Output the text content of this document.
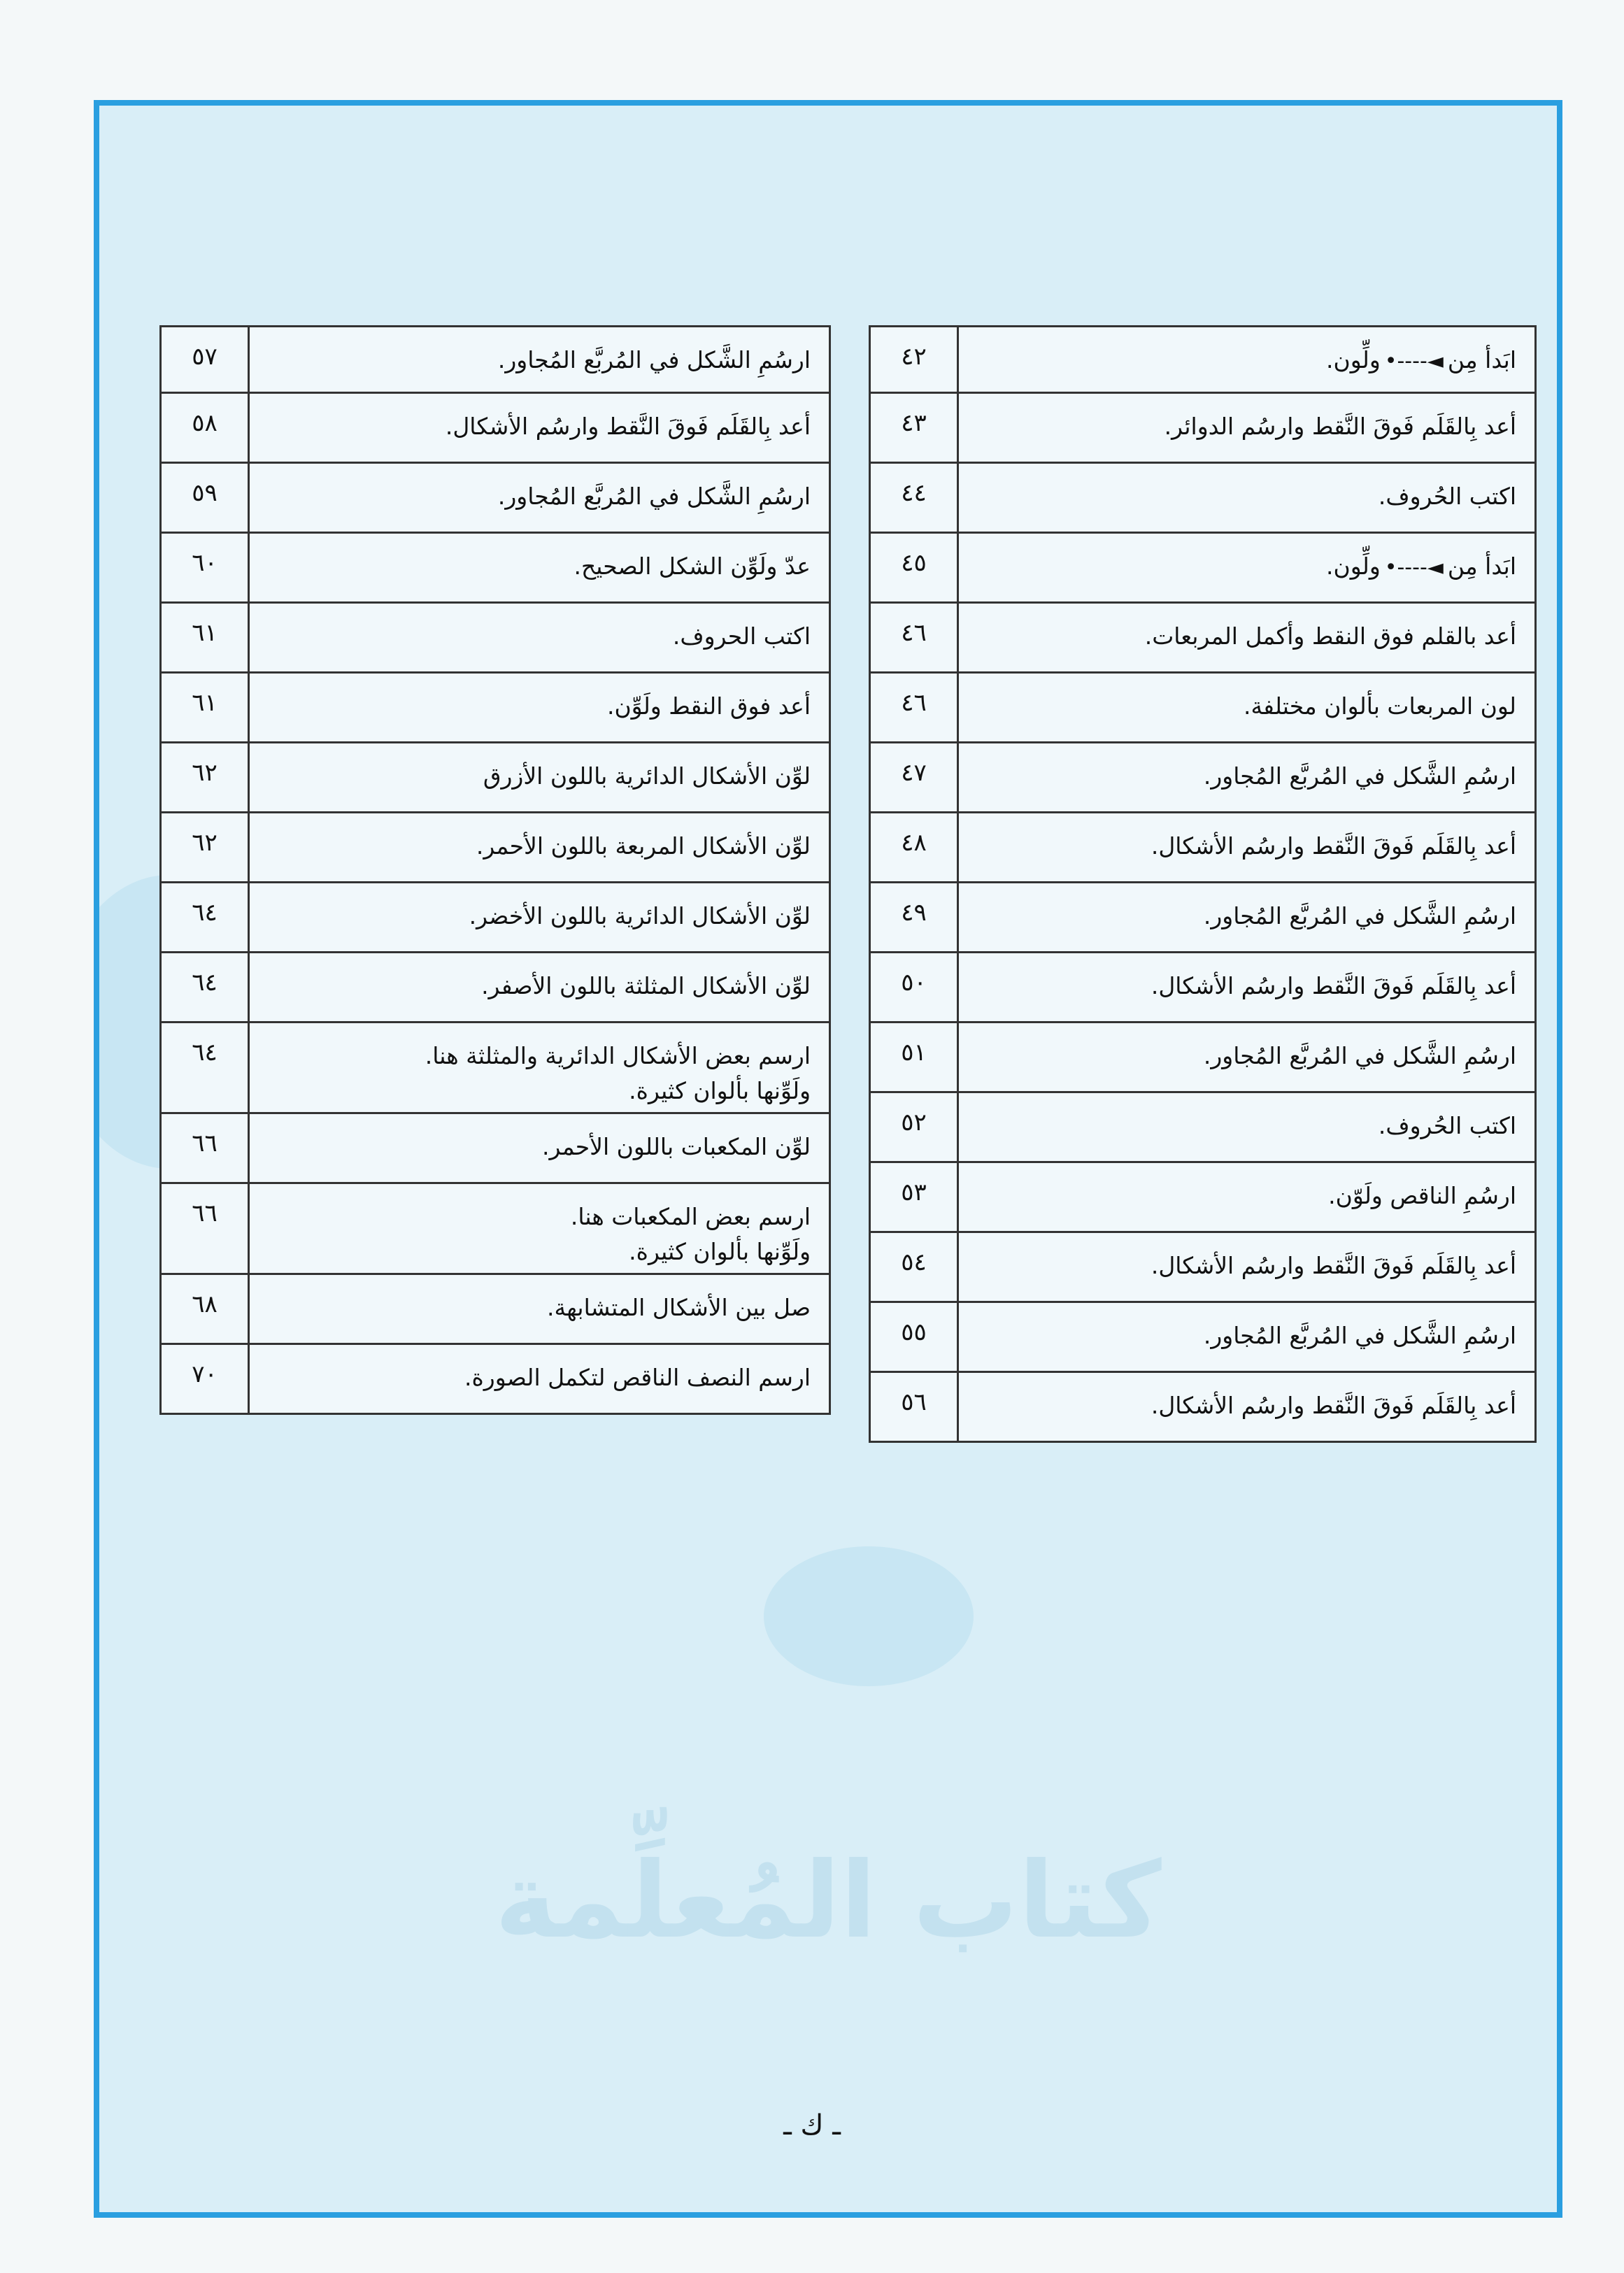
كتاب المُعلِّمة
ابَدأ مِن◄----•ولِّون.	٤٢
أعد بِالقَلَم فَوقَ النَّقط وارسُم الدوائر.	٤٣
اكتب الحُروف.	٤٤
ابَدأ مِن◄----•ولِّون.	٤٥
أعد بالقلم فوق النقط وأكمل المربعات.	٤٦
لون المربعات بألوان مختلفة.	٤٦
ارسُمِ الشَّكل في المُربَّع المُجاور.	٤٧
أعد بِالقَلَم فَوقَ النَّقط وارسُم الأشكال.	٤٨
ارسُمِ الشَّكل في المُربَّع المُجاور.	٤٩
أعد بِالقَلَم فَوقَ النَّقط وارسُم الأشكال.	٥٠
ارسُمِ الشَّكل في المُربَّع المُجاور.	٥١
اكتب الحُروف.	٥٢
ارسُمِ الناقص ولَوّن.	٥٣
أعد بِالقَلَم فَوقَ النَّقط وارسُم الأشكال.	٥٤
ارسُمِ الشَّكل في المُربَّع المُجاور.	٥٥
أعد بِالقَلَم فَوقَ النَّقط وارسُم الأشكال.	٥٦
ارسُمِ الشَّكل في المُربَّع المُجاور.	٥٧
أعد بِالقَلَم فَوقَ النَّقط وارسُم الأشكال.	٥٨
ارسُمِ الشَّكل في المُربَّع المُجاور.	٥٩
عدّ ولَوِّن الشكل الصحيح.	٦٠
اكتب الحروف.	٦١
أعد فوق النقط ولَوِّن.	٦١
لوِّن الأشكال الدائرية باللون الأزرق	٦٢
لوِّن الأشكال المربعة باللون الأحمر.	٦٢
لوِّن الأشكال الدائرية باللون الأخضر.	٦٤
لوِّن الأشكال المثلثة باللون الأصفر.	٦٤
ارسم بعض الأشكال الدائرية والمثلثة هنا.
ولَوِّنها بألوان كثيرة.	٦٤
لوِّن المكعبات باللون الأحمر.	٦٦
ارسم بعض المكعبات هنا.
ولَوِّنها بألوان كثيرة.	٦٦
صل بين الأشكال المتشابهة.	٦٨
ارسم النصف الناقص لتكمل الصورة.	٧٠
ـ ك ـ
